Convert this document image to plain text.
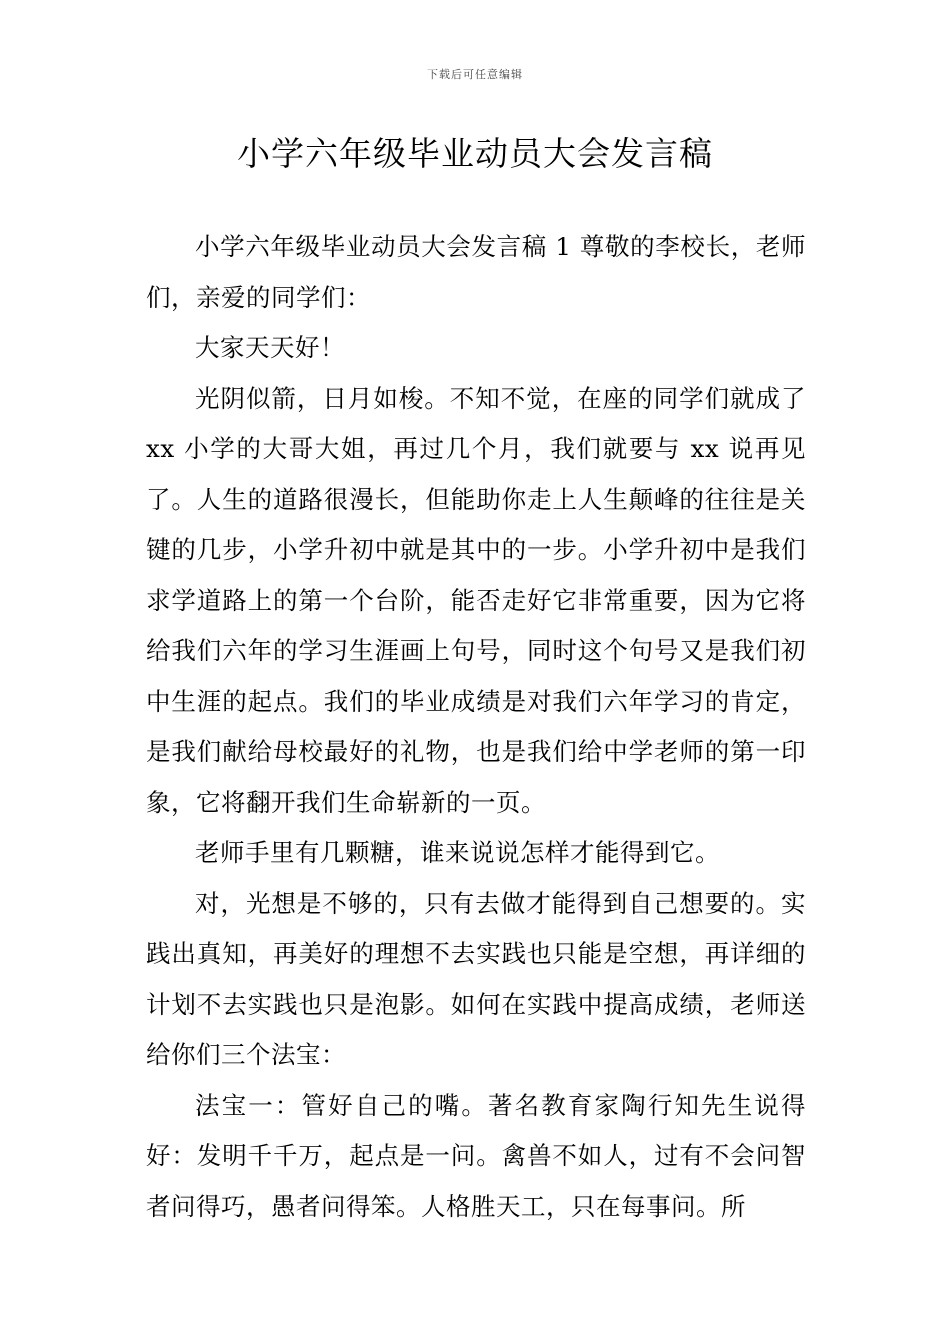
下载后可任意编辑
小学六年级毕业动员大会发言稿

小学六年级毕业动员大会发言稿 1 尊敬的李校长，老师们，亲爱的同学们：

大家天天好！

光阴似箭，日月如梭。不知不觉，在座的同学们就成了 xx 小学的大哥大姐，再过几个月，我们就要与 xx 说再见了。人生的道路很漫长，但能助你走上人生颠峰的往往是关键的几步，小学升初中就是其中的一步。小学升初中是我们求学道路上的第一个台阶，能否走好它非常重要，因为它将给我们六年的学习生涯画上句号，同时这个句号又是我们初中生涯的起点。我们的毕业成绩是对我们六年学习的肯定，是我们献给母校最好的礼物，也是我们给中学老师的第一印象，它将翻开我们生命崭新的一页。

老师手里有几颗糖，谁来说说怎样才能得到它。

对，光想是不够的，只有去做才能得到自己想要的。实践出真知，再美好的理想不去实践也只能是空想，再详细的计划不去实践也只是泡影。如何在实践中提高成绩，老师送给你们三个法宝：

法宝一：管好自己的嘴。著名教育家陶行知先生说得好：发明千千万，起点是一问。禽兽不如人，过有不会问智者问得巧，愚者问得笨。人格胜天工，只在每事问。所
